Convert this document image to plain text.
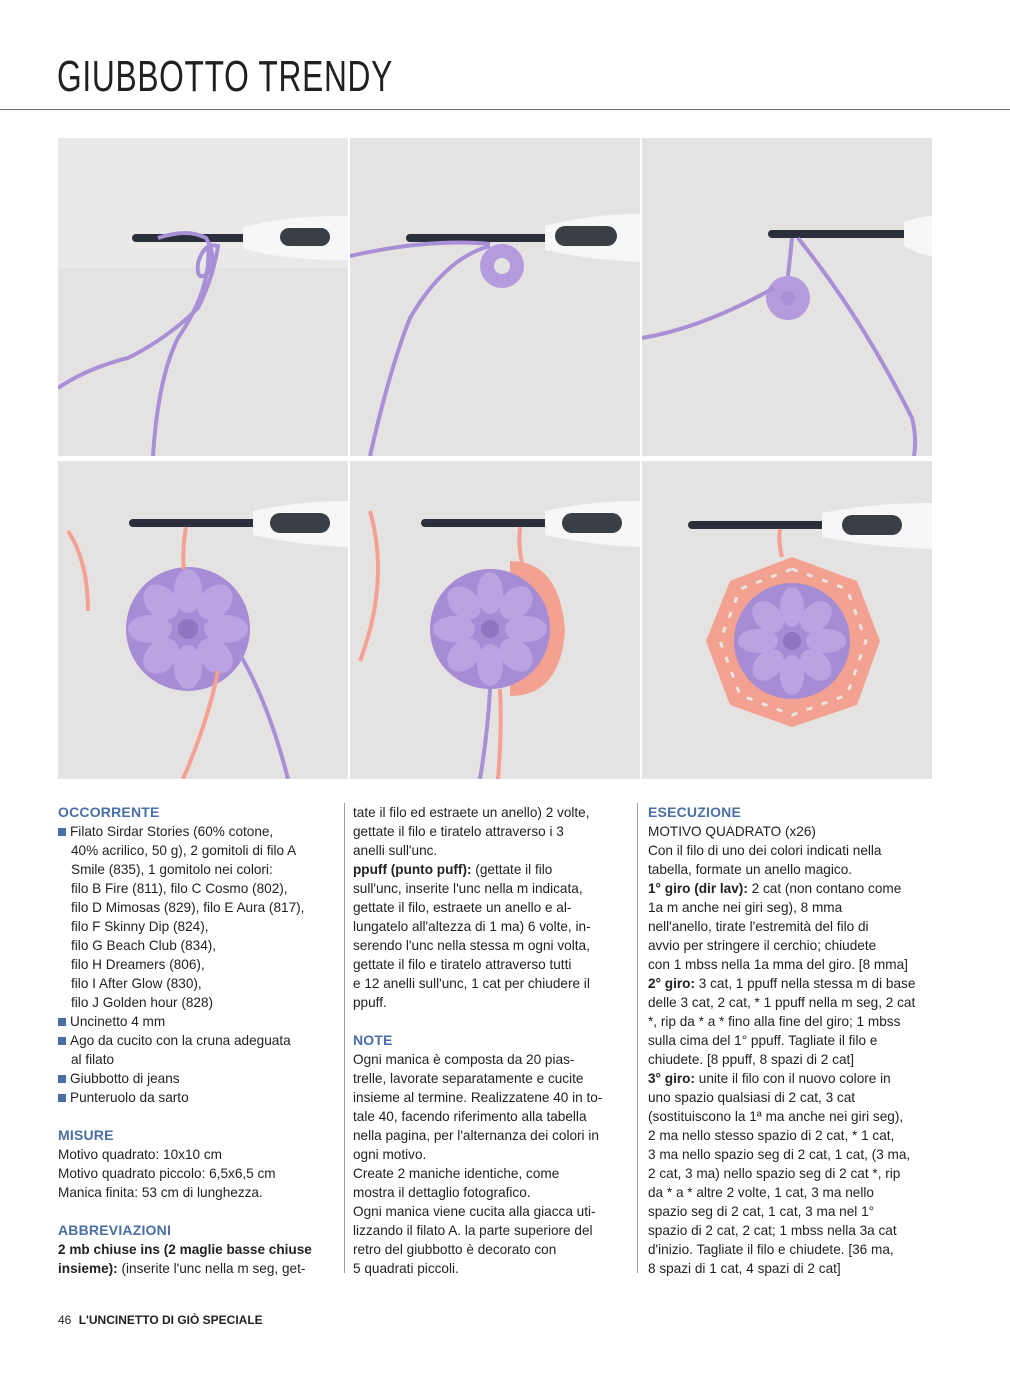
GIUBBOTTO TRENDY

OCCORRENTE

Filato Sirdar Stories (60% cotone,

40% acrilico, 50 g), 2 gomitoli di filo A

Smile (835), 1 gomitolo nei colori:

filo B Fire (811), filo C Cosmo (802),

filo D Mimosas (829), filo E Aura (817),

filo F Skinny Dip (824),

filo G Beach Club (834),

filo H Dreamers (806),

filo I After Glow (830),

filo J Golden hour (828)

Uncinetto 4 mm

Ago da cucito con la cruna adeguata

al filato

Giubbotto di jeans

Punteruolo da sarto

MISURE

Motivo quadrato: 10x10 cm

Motivo quadrato piccolo: 6,5x6,5 cm

Manica finita: 53 cm di lunghezza.

ABBREVIAZIONI

2 mb chiuse ins (2 maglie basse chiuse

insieme): (inserite l'unc nella m seg, get-

tate il filo ed estraete un anello) 2 volte,

gettate il filo e tiratelo attraverso i 3

anelli sull'unc.

ppuff (punto puff): (gettate il filo

sull'unc, inserite l'unc nella m indicata,

gettate il filo, estraete un anello e al-

lungatelo all'altezza di 1 ma) 6 volte, in-

serendo l'unc nella stessa m ogni volta,

gettate il filo e tiratelo attraverso tutti

e 12 anelli sull'unc, 1 cat per chiudere il

ppuff.

NOTE

Ogni manica è composta da 20 pias-

trelle, lavorate separatamente e cucite

insieme al termine. Realizzatene 40 in to-

tale 40, facendo riferimento alla tabella

nella pagina, per l'alternanza dei colori in

ogni motivo.

Create 2 maniche identiche, come

mostra il dettaglio fotografico.

Ogni manica viene cucita alla giacca uti-

lizzando il filato A. la parte superiore del

retro del giubbotto è decorato con

5 quadrati piccoli.

ESECUZIONE

MOTIVO QUADRATO (x26)

Con il filo di uno dei colori indicati nella

tabella, formate un anello magico.

1° giro (dir lav): 2 cat (non contano come

1a m anche nei giri seg), 8 mma

nell'anello, tirate l'estremità del filo di

avvio per stringere il cerchio; chiudete

con 1 mbss nella 1a mma del giro. [8 mma]

2° giro: 3 cat, 1 ppuff nella stessa m di base

delle 3 cat, 2 cat, * 1 ppuff nella m seg, 2 cat

*, rip da * a * fino alla fine del giro; 1 mbss

sulla cima del 1° ppuff. Tagliate il filo e

chiudete. [8 ppuff, 8 spazi di 2 cat]

3° giro: unite il filo con il nuovo colore in

uno spazio qualsiasi di 2 cat, 3 cat

(sostituiscono la 1ª ma anche nei giri seg),

2 ma nello stesso spazio di 2 cat, * 1 cat,

3 ma nello spazio seg di 2 cat, 1 cat, (3 ma,

2 cat, 3 ma) nello spazio seg di 2 cat *, rip

da * a * altre 2 volte, 1 cat, 3 ma nello

spazio seg di 2 cat, 1 cat, 3 ma nel 1°

spazio di 2 cat, 2 cat; 1 mbss nella 3a cat

d'inizio. Tagliate il filo e chiudete. [36 ma,

8 spazi di 1 cat, 4 spazi di 2 cat]

46 L'UNCINETTO DI GIÒ SPECIALE
